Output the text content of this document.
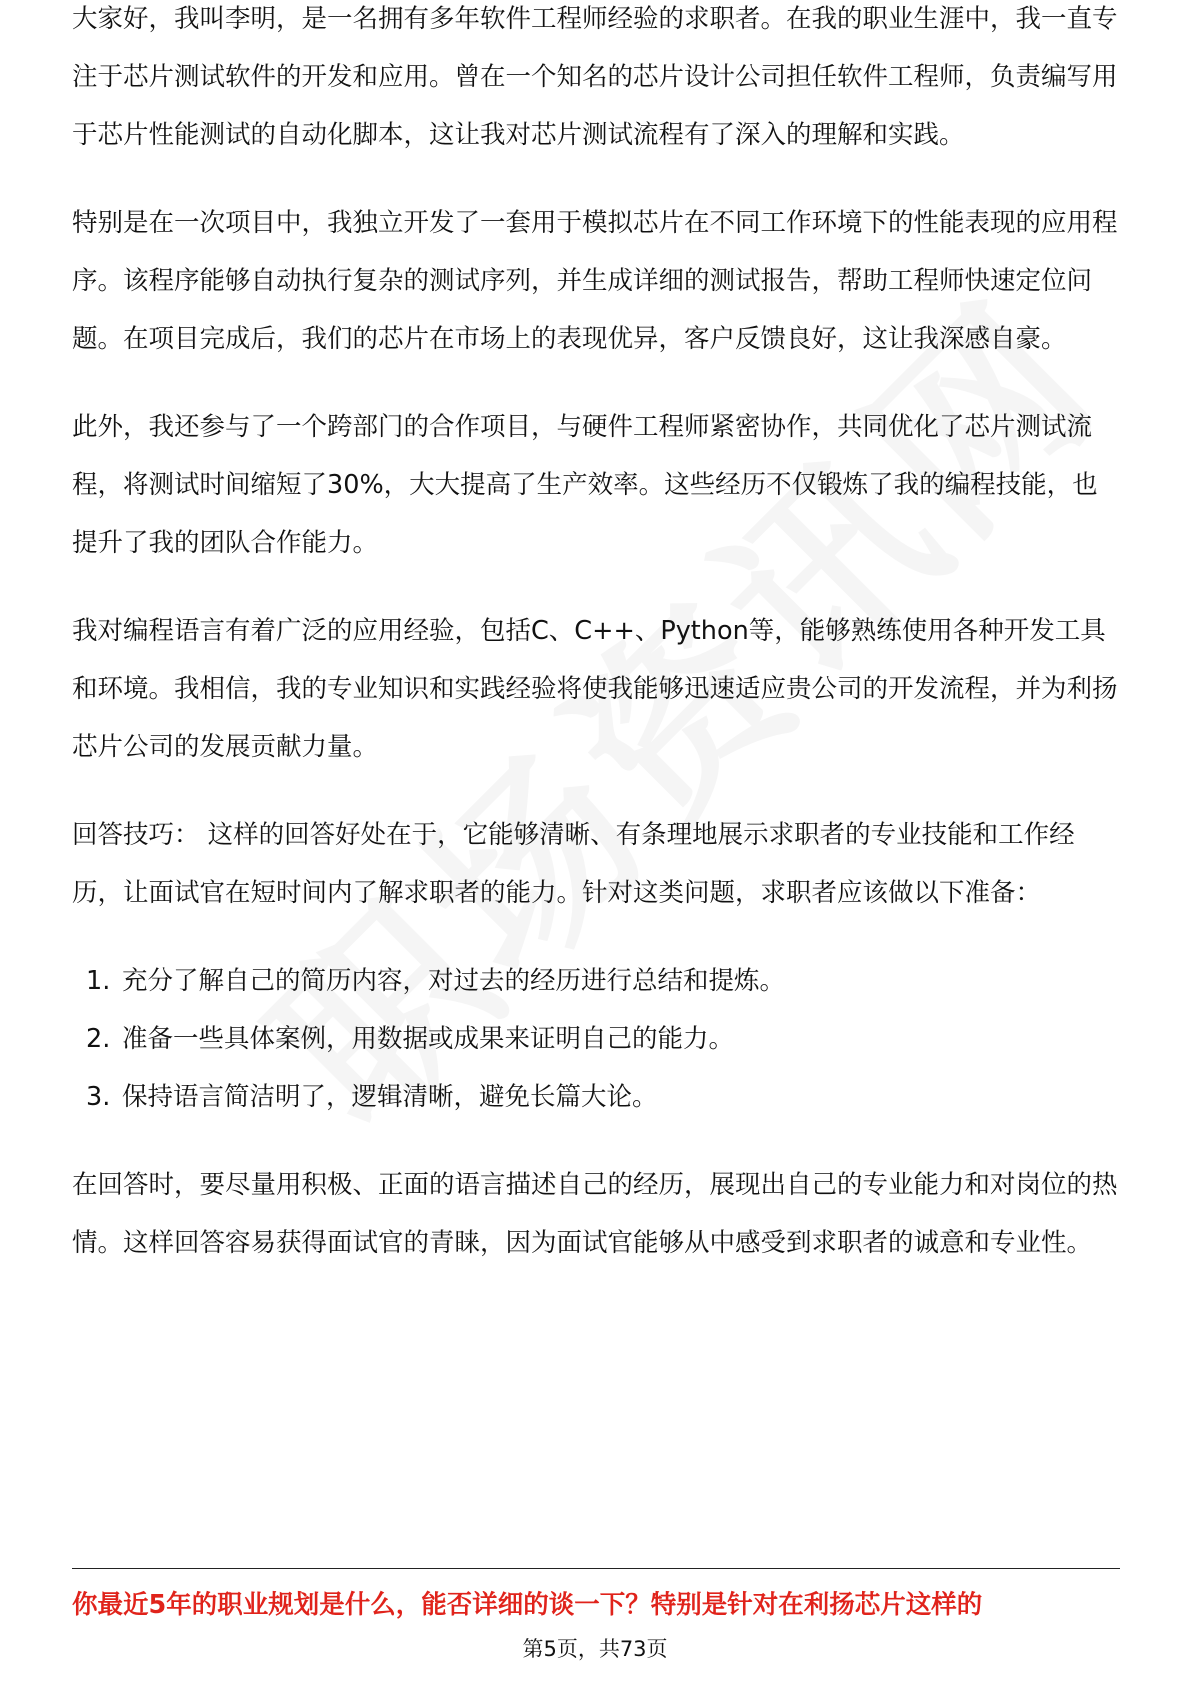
大家好，我叫李明，是一名拥有多年软件工程师经验的求职者。在我的职业生涯中，我一直专注于芯片测试软件的开发和应用。曾在一个知名的芯片设计公司担任软件工程师，负责编写用于芯片性能测试的自动化脚本，这让我对芯片测试流程有了深入的理解和实践。

特别是在一次项目中，我独立开发了一套用于模拟芯片在不同工作环境下的性能表现的应用程序。该程序能够自动执行复杂的测试序列，并生成详细的测试报告，帮助工程师快速定位问题。在项目完成后，我们的芯片在市场上的表现优异，客户反馈良好，这让我深感自豪。

此外，我还参与了一个跨部门的合作项目，与硬件工程师紧密协作，共同优化了芯片测试流程，将测试时间缩短了30%，大大提高了生产效率。这些经历不仅锻炼了我的编程技能，也提升了我的团队合作能力。

我对编程语言有着广泛的应用经验，包括C、C++、Python等，能够熟练使用各种开发工具和环境。我相信，我的专业知识和实践经验将使我能够迅速适应贵公司的开发流程，并为利扬芯片公司的发展贡献力量。

回答技巧： 这样的回答好处在于，它能够清晰、有条理地展示求职者的专业技能和工作经历，让面试官在短时间内了解求职者的能力。针对这类问题，求职者应该做以下准备：

1. 充分了解自己的简历内容，对过去的经历进行总结和提炼。
2. 准备一些具体案例，用数据或成果来证明自己的能力。
3. 保持语言简洁明了，逻辑清晰，避免长篇大论。

在回答时，要尽量用积极、正面的语言描述自己的经历，展现出自己的专业能力和对岗位的热情。这样回答容易获得面试官的青睐，因为面试官能够从中感受到求职者的诚意和专业性。

你最近5年的职业规划是什么，能否详细的谈一下？特别是针对在利扬芯片这样的
第5页，共73页
